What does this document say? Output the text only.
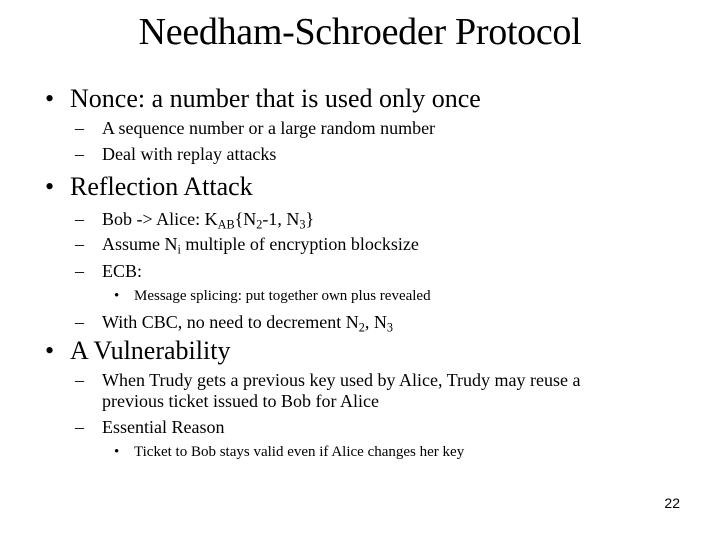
Needham-Schroeder Protocol
• Nonce: a number that is used only once
– A sequence number or a large random number
– Deal with replay attacks
• Reflection Attack
– Bob -> Alice: $K_{AB}\{N_2-1$, $N_3$}
– Assume $N_i$ multiple of encryption blocksize
– ECB:
• Message splicing: put together own plus revealed
– With CBC, no need to decrement $N_2$, $N_3$
• A Vulnerability
– When Trudy gets a previous key used by Alice, Trudy may reuse a
previous ticket issued to Bob for Alice
– Essential Reason
• Ticket to Bob stays valid even if Alice changes her key
22
